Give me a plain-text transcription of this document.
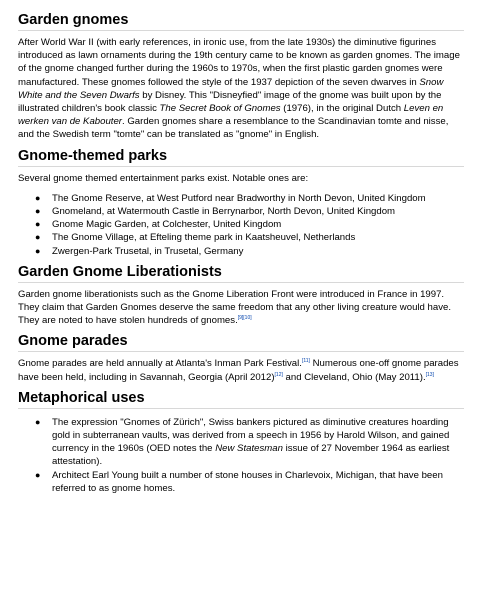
Garden gnomes

After World War II (with early references, in ironic use, from the late 1930s) the diminutive figurines introduced as lawn ornaments during the 19th century came to be known as garden gnomes. The image of the gnome changed further during the 1960s to 1970s, when the first plastic garden gnomes were manufactured. These gnomes followed the style of the 1937 depiction of the seven dwarves in Snow White and the Seven Dwarfs by Disney. This "Disneyfied" image of the gnome was built upon by the illustrated children's book classic The Secret Book of Gnomes (1976), in the original Dutch Leven en werken van de Kabouter. Garden gnomes share a resemblance to the Scandinavian tomte and nisse, and the Swedish term "tomte" can be translated as "gnome" in English.

Gnome-themed parks

Several gnome themed entertainment parks exist. Notable ones are:

● The Gnome Reserve, at West Putford near Bradworthy in North Devon, United Kingdom
● Gnomeland, at Watermouth Castle in Berrynarbor, North Devon, United Kingdom
● Gnome Magic Garden, at Colchester, United Kingdom
● The Gnome Village, at Efteling theme park in Kaatsheuvel, Netherlands
● Zwergen-Park Trusetal, in Trusetal, Germany
Garden Gnome Liberationists

Garden gnome liberationists such as the Gnome Liberation Front were introduced in France in 1997. They claim that Garden Gnomes deserve the same freedom that any other living creature would have. They are noted to have stolen hundreds of gnomes.[9][10]

Gnome parades

Gnome parades are held annually at Atlanta's Inman Park Festival.[11] Numerous one-off gnome parades have been held, including in Savannah, Georgia (April 2012)[12] and Cleveland, Ohio (May 2011).[13]

Metaphorical uses
● The expression "Gnomes of Zürich", Swiss bankers pictured as diminutive creatures hoarding gold in subterranean vaults, was derived from a speech in 1956 by Harold Wilson, and gained currency in the 1960s (OED notes the New Statesman issue of 27 November 1964 as earliest attestation).
● Architect Earl Young built a number of stone houses in Charlevoix, Michigan, that have been referred to as gnome homes.
